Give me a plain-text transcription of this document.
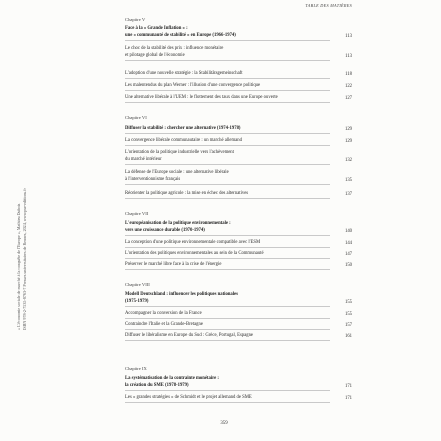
TABLE DES MATIÈRES
Chapitre V
Face à la « Grande Inflation » :
une « communauté de stabilité » en Europe (1966-1974)	113
Le choc de la stabilité des prix : influence monétaire
et pilotage global de l'économie	113
L'adoption d'une nouvelle stratégie : la Stabilitätsgemeinschaft	118
Les malentendus du plan Werner : l'illusion d'une convergence politique	122
Une alternative libérale à l'UEM : le flottement des taux dans une Europe ouverte	127
Chapitre VI
Diffuser la stabilité : chercher une alternative (1974-1978)	129
La convergence libérale communautaire : un marché allemand	129
L'orientation de la politique industrielle vers l'achèvement
du marché intérieur	132
La défense de l'Europe sociale : une alternative libérale
à l'interventionnisme français	135
Réorienter la politique agricole : la mise en échec des alternatives	137
Chapitre VII
L'européanisation de la politique environnementale :
vers une croissance durable (1970-1974)	140
La conception d'une politique environnementale compatible avec l'ESM	144
L'orientation des politiques environnementales au sein de la Communauté	147
Préserver le marché libre face à la crise de l'énergie	150
Chapitre VIII
Modell Deutschland : influencer les politiques nationales
(1975-1979)	155
Accompagner la conversion de la France	155
Contraindre l'Italie et la Grande-Bretagne	157
Diffuser le libéralisme en Europe du Sud : Grèce, Portugal, Espagne	161
Chapitre IX
La systématisation de la contrainte monétaire :
la création du SME (1978-1979)	171
Les « grandes stratégies » de Schmidt et le projet allemand de SME	171
359
« L'économie sociale de marché à la conquête de l'Europe », Mathieu Dubois ISBN 978-2-7535-8763-7 Presses universitaires de Rennes, 2024, www.pur-editions.fr
